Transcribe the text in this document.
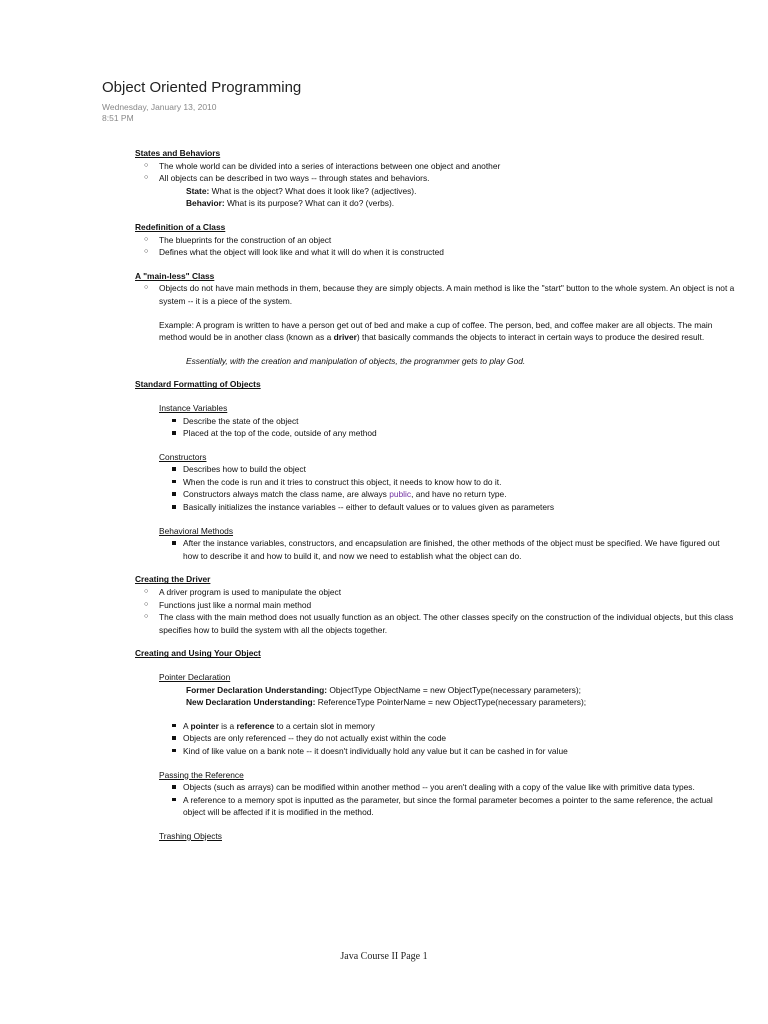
Object Oriented Programming
Wednesday, January 13, 2010
8:51 PM
States and Behaviors
○ The whole world can be divided into a series of interactions between one object and another
○ All objects can be described in two ways -- through states and behaviors.
State: What is the object? What does it look like? (adjectives).
Behavior: What is its purpose? What can it do? (verbs).
Redefinition of a Class
○ The blueprints for the construction of an object
○ Defines what the object will look like and what it will do when it is constructed
A "main-less" Class
○ Objects do not have main methods in them, because they are simply objects. A main method is like the "start" button to the whole system. An object is not a system -- it is a piece of the system.
Example: A program is written to have a person get out of bed and make a cup of coffee. The person, bed, and coffee maker are all objects. The main method would be in another class (known as a driver) that basically commands the objects to interact in certain ways to produce the desired result.
Essentially, with the creation and manipulation of objects, the programmer gets to play God.
Standard Formatting of Objects
Instance Variables
Describe the state of the object
Placed at the top of the code, outside of any method
Constructors
Describes how to build the object
When the code is run and it tries to construct this object, it needs to know how to do it.
Constructors always match the class name, are always public, and have no return type.
Basically initializes the instance variables -- either to default values or to values given as parameters
Behavioral Methods
After the instance variables, constructors, and encapsulation are finished, the other methods of the object must be specified. We have figured out how to describe it and how to build it, and now we need to establish what the object can do.
Creating the Driver
○ A driver program is used to manipulate the object
○ Functions just like a normal main method
○ The class with the main method does not usually function as an object. The other classes specify on the construction of the individual objects, but this class specifies how to build the system with all the objects together.
Creating and Using Your Object
Pointer Declaration
Former Declaration Understanding: ObjectType ObjectName = new ObjectType(necessary parameters);
New Declaration Understanding: ReferenceType PointerName = new ObjectType(necessary parameters);
A pointer is a reference to a certain slot in memory
Objects are only referenced -- they do not actually exist within the code
Kind of like value on a bank note -- it doesn't individually hold any value but it can be cashed in for value
Passing the Reference
Objects (such as arrays) can be modified within another method -- you aren't dealing with a copy of the value like with primitive data types.
A reference to a memory spot is inputted as the parameter, but since the formal parameter becomes a pointer to the same reference, the actual object will be affected if it is modified in the method.
Trashing Objects
Java Course II Page 1
